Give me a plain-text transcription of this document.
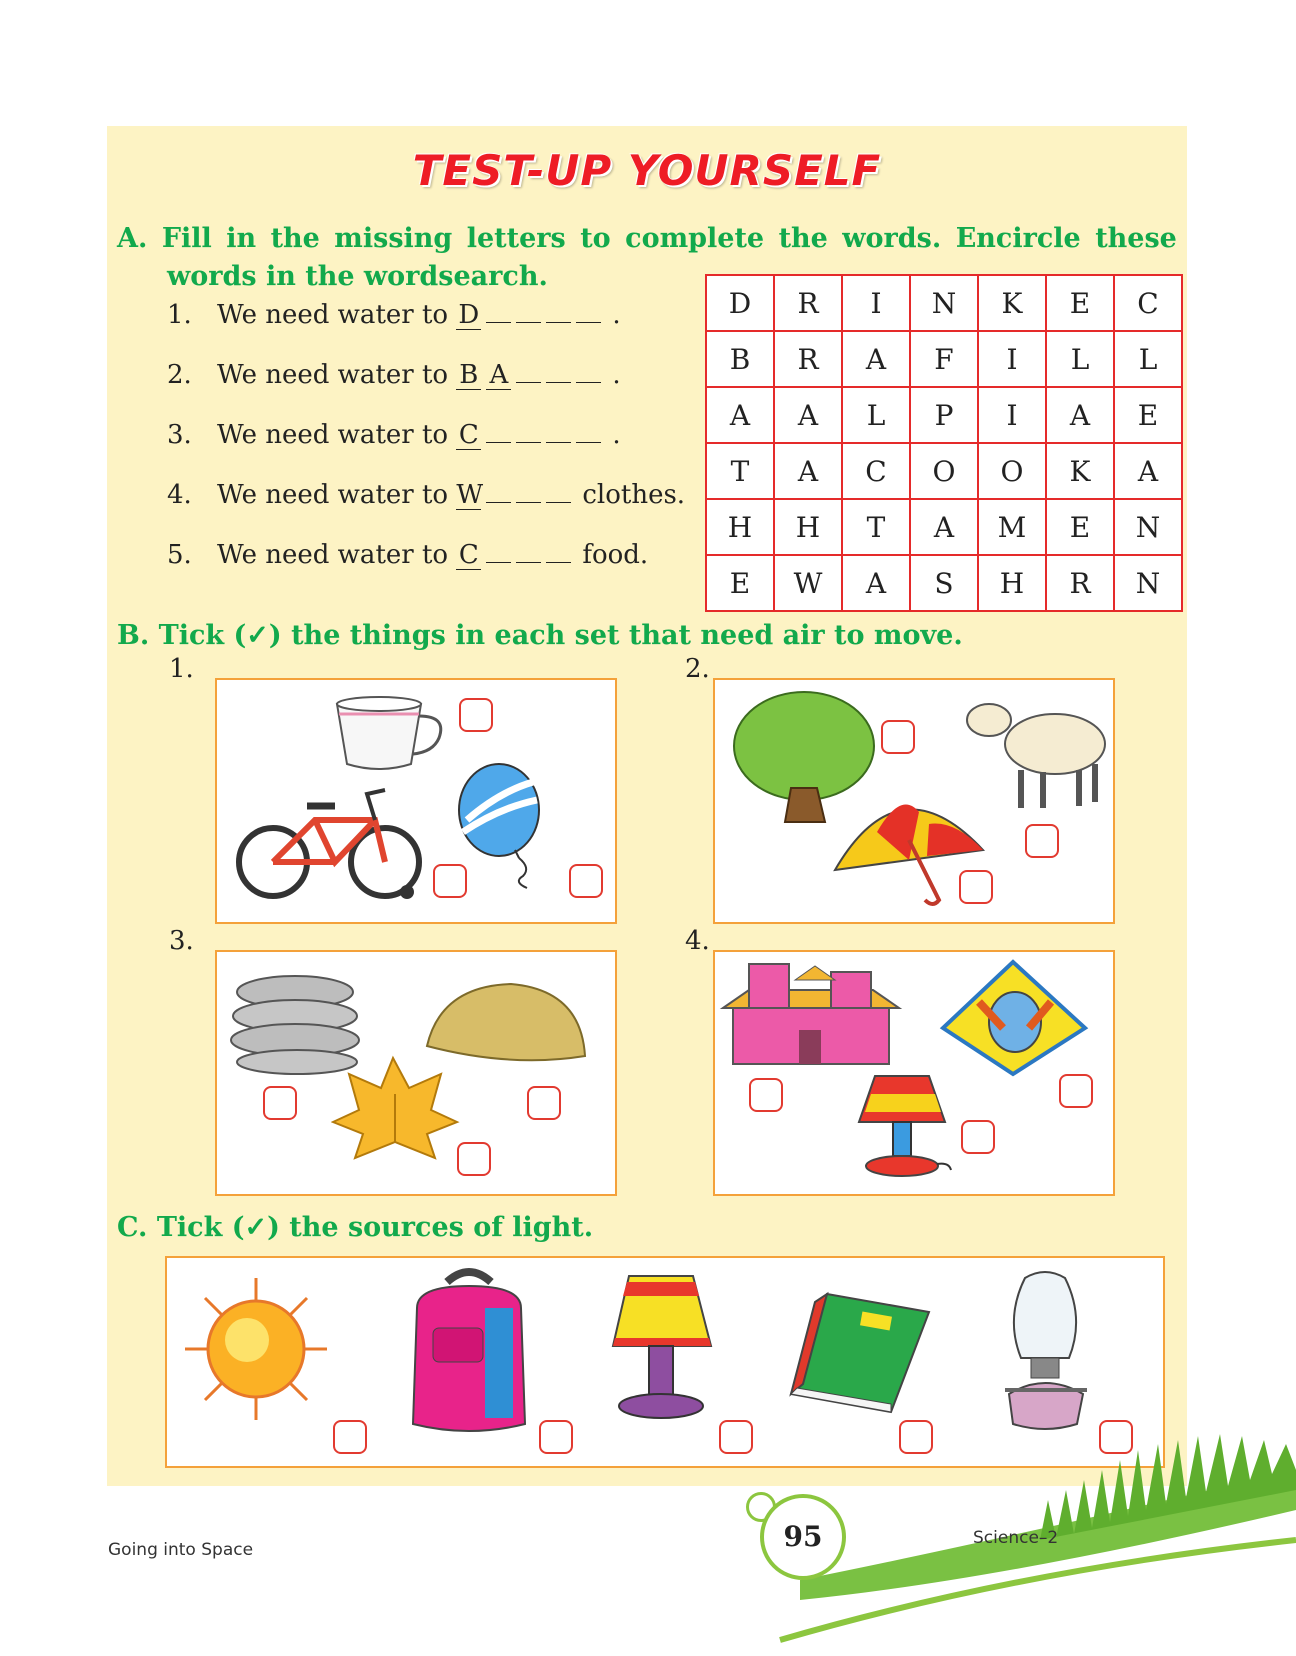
TEST-UP YOURSELF
A. Fill in the missing letters to complete the words. Encircle these
words in the wordsearch.
1. We need water to D	.
2. We need water to B A	.
3. We need water to C	.
4. We need water to W	clothes.
5. We need water to C	food.
D	R	I	N	K	E	C
B	R	A	F	I	L	L
A	A	L	P	I	A	E
T	A	C	O	O	K	A
H	H	T	A	M	E	N
E	W	A	S	H	R	N
B. Tick (✓) the things in each set that need air to move.
1.	2.
3.	4.
C. Tick (✓) the sources of light.
95
Going into Space
Science–2
